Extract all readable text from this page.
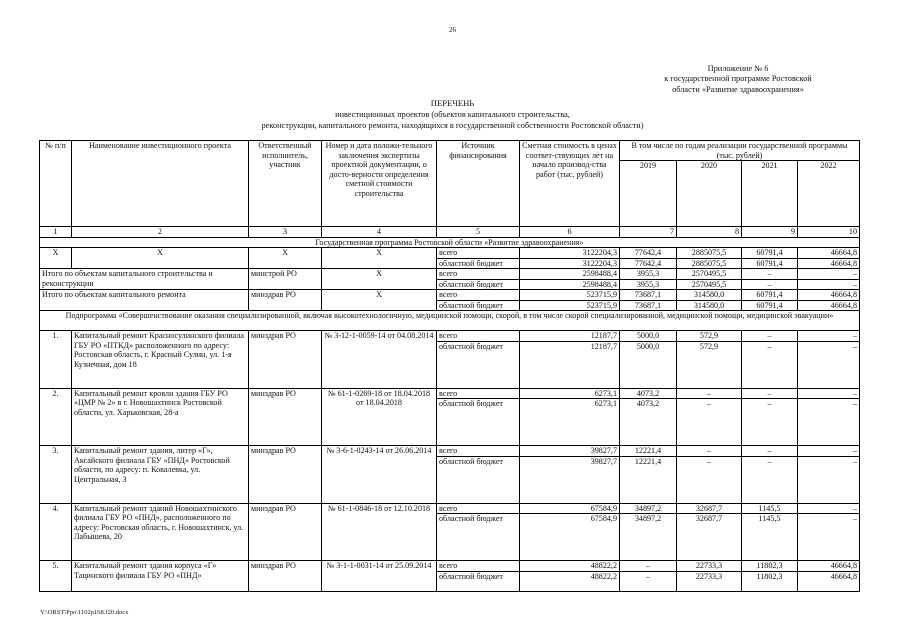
26
Приложение № 6
к государственной программе Ростовской
области «Развитие здравоохранения»
ПЕРЕЧЕНЬ
инвестиционных проектов (объектов капитального строительства,
реконструкции, капитального ремонта, находящихся в государственной собственности Ростовской области)
№ п/п	Наименование инвестиционного проекта	Ответственный исполнитель, участник	Номер и дата положи-тельного заключения экспертизы проектной документации, о досто-верности определения сметной стоимости строительства	Источник финансирования	Сметная стоимость в ценах соответ-ствующих лет на начало производ-ства работ (тыс. рублей)	В том числе по годам реализации государственной программы (тыс. рублей)			
						2019	2020	2021	2022
1	2	3	4	5	6	7	8	9	10
Государственная программа Ростовской области «Развитие здравоохранения»									
X	X	X	X	всего	3122204,3	77642,4	2885075,5	60791,4	46664,8
				областной бюджет	3122204,3	77642,4	2885075,5	60791,4	46664,8
Итого по объектам капитального строительства и реконструкции		минстрой РО	X	всего	2598488,4	3955,3	2570495,5	–	–
				областной бюджет	2598488,4	3955,3	2570495,5	–	–
Итого по объектам капитального ремонта		минздрав РО	X	всего	523715,9	73687,1	314580,0	60791,4	46664,8
				областной бюджет	523715,9	73687,1	314580,0	60791,4	46664,8
Подпрограмма «Совершенствование оказания специализированной, включая высокотехнологичную, медицинской помощи, скорой, в том числе скорой специализированной, медицинской помощи, медицинской эвакуации»									
1.	Капитальный ремонт Красносулинского филиала ГБУ РО «ПТКД» расположенного по адресу: Ростовская область, г. Красный Сулин, ул. 1-я Кузнечная, дом 18	минздрав РО	№ 3-12-1-0059-14 от 04.08.2014	всего	12187,7	5000,0	572,9	–	–
				областной бюджет	12187,7	5000,0	572,9	–	–
2.	Капитальный ремонт кровли здания ГБУ РО «ЦМР № 2» в г. Новошахтинск Ростовской области, ул. Харьковская, 28-а	минздрав РО	№ 61-1-0269-18 от 18.04.2018 от 18.04.2018	всего	6273,1	4073,2	–	–	–
				областной бюджет	6273,1	4073,2	–	–	–
3.	Капитальный ремонт здания, литер «Г», Аксайского филиала ГБУ «ПНД» Ростовской области, по адресу: п. Ковалевка, ул. Центральная, 3	минздрав РО	№ 3-6-1-0243-14 от 26.06.2014	всего	39827,7	12221,4	–	–	–
				областной бюджет	39827,7	12221,4	–	–	–
4.	Капитальный ремонт зданий Новошахтинского филиала ГБУ РО «ПНД», расположенного по адресу: Ростовская область, г. Новошахтинск, ул. Лабышева, 20	минздрав РО	№ 61-1-0846-18 от 12.10.2018	всего	67584,9	34897,2	32687,7	1145,5	–
				областной бюджет	67584,9	34897,2	32687,7	1145,5	–
5.	Капитальный ремонт здания корпуса «Г» Тацинского филиала ГБУ РО «ПНД»	минздрав РО	№ 3-1-1-0031-14 от 25.09.2014	всего	48822,2	–	22733,3	11802,3	46664,8
				областной бюджет	48822,2	–	22733,3	11802,3	46664,8
Y:\ORST\Ppo\1102p168.f20.docx
